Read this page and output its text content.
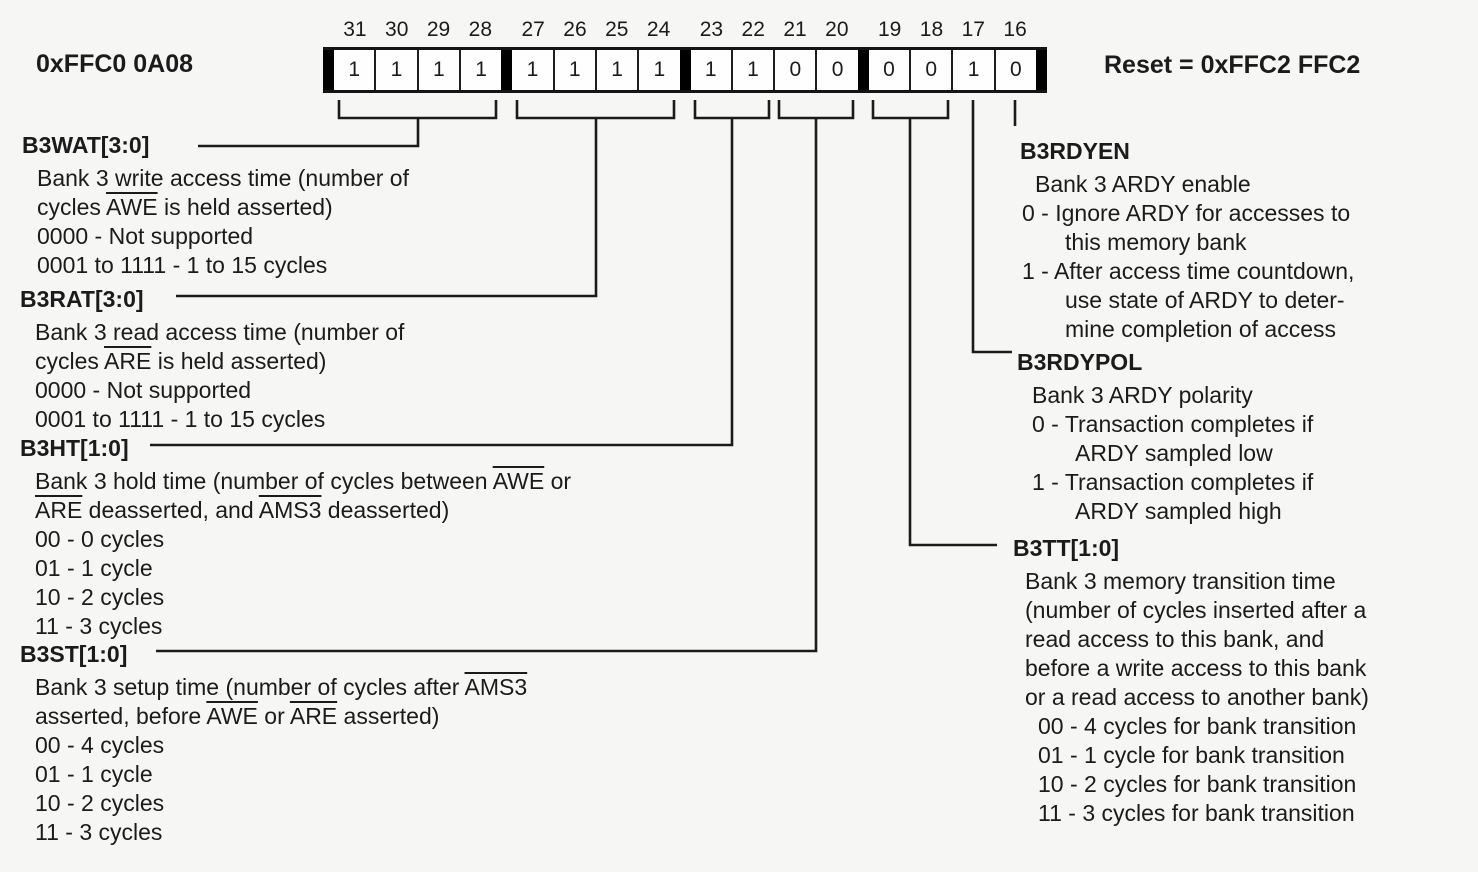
0xFFC0 0A08	Reset = 0xFFC2 FFC2
31 30 29 28	27 26 25 24	23 22 21 20	19 18 17 16
1	1	1	1	1	1	1	1	1	1	0	0	0	0	1	0
B3WAT[3:0]
Bank 3 write access time (number of
cycles $\overline{AWE}$ is held asserted)
0000 - Not supported
0001 to 1111 - 1 to 15 cycles
B3RAT[3:0]
Bank 3 read access time (number of
cycles $\overline{ARE}$ is held asserted)
0000 - Not supported
0001 to 1111 - 1 to 15 cycles
B3HT[1:0]
Bank 3 hold time (number of cycles between $\overline{AWE}$ or
$\overline{ARE}$ deasserted, and AMS3 deasserted)
00 - 0 cycles
01 - 1 cycle
10 - 2 cycles
11 - 3 cycles
B3ST[1:0]
Bank 3 setup time (number of cycles after AMS3
asserted, before $\overline{AWE}$ or $\overline{ARE}$ asserted)
00 - 4 cycles
01 - 1 cycle
10 - 2 cycles
11 - 3 cycles
B3RDYEN
Bank 3 ARDY enable
0 - Ignore ARDY for accesses to
this memory bank
1 - After access time countdown,
use state of ARDY to deter-
mine completion of access
B3RDYPOL
Bank 3 ARDY polarity
0 - Transaction completes if
ARDY sampled low
1 - Transaction completes if
ARDY sampled high
B3TT[1:0]
Bank 3 memory transition time
(number of cycles inserted after a
read access to this bank, and
before a write access to this bank
or a read access to another bank)
00 - 4 cycles for bank transition
01 - 1 cycle for bank transition
10 - 2 cycles for bank transition
11 - 3 cycles for bank transition
